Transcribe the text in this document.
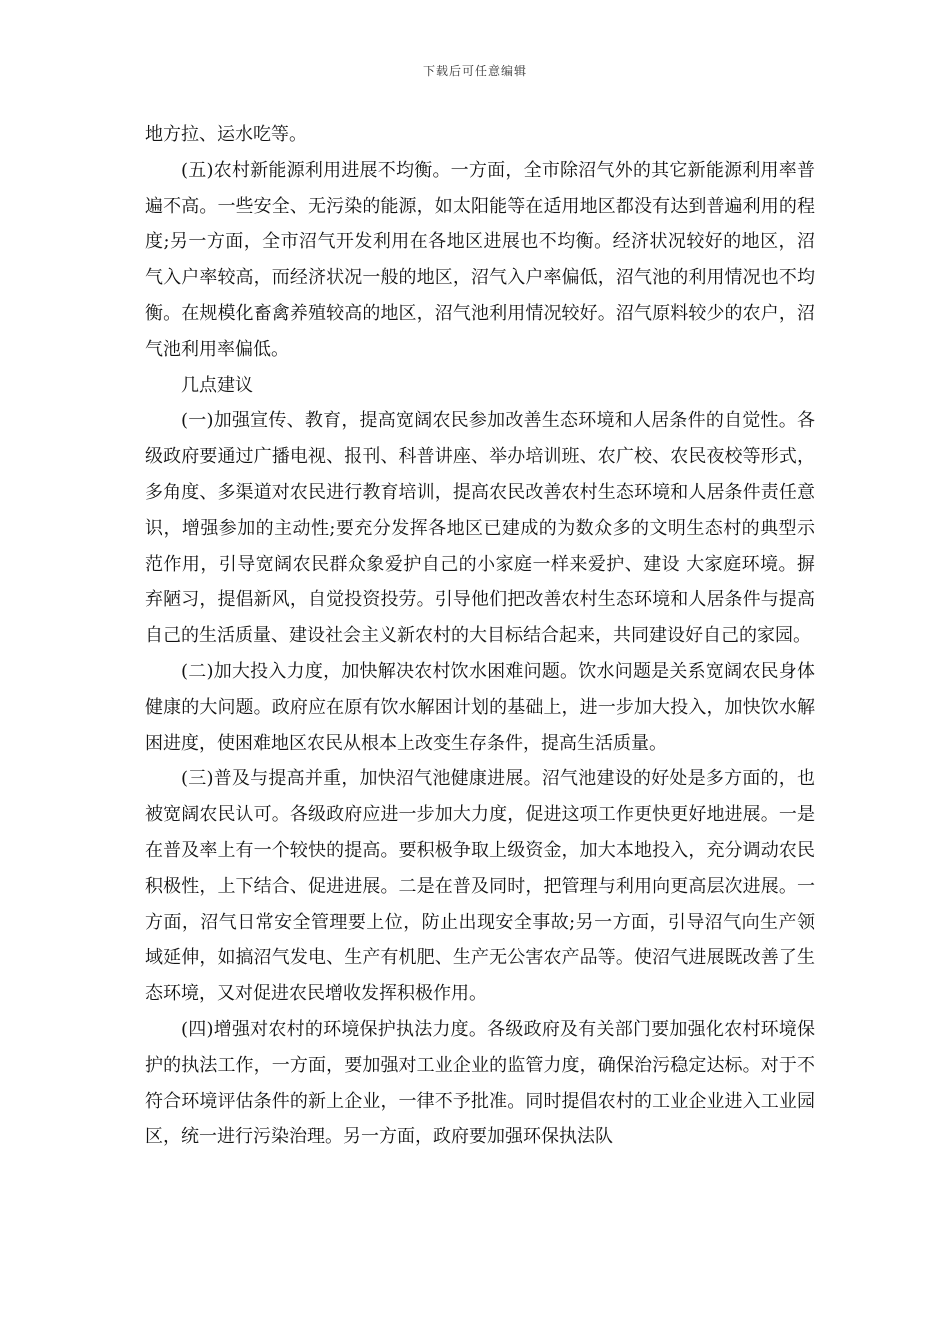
下载后可任意编辑

地方拉、运水吃等。

(五)农村新能源利用进展不均衡。一方面，全市除沼气外的其它新能源利用率普遍不高。一些安全、无污染的能源，如太阳能等在适用地区都没有达到普遍利用的程度;另一方面，全市沼气开发利用在各地区进展也不均衡。经济状况较好的地区，沼气入户率较高，而经济状况一般的地区，沼气入户率偏低，沼气池的利用情况也不均衡。在规模化畜禽养殖较高的地区，沼气池利用情况较好。沼气原料较少的农户，沼气池利用率偏低。

几点建议

(一)加强宣传、教育，提高宽阔农民参加改善生态环境和人居条件的自觉性。各级政府要通过广播电视、报刊、科普讲座、举办培训班、农广校、农民夜校等形式，多角度、多渠道对农民进行教育培训，提高农民改善农村生态环境和人居条件责任意识，增强参加的主动性;要充分发挥各地区已建成的为数众多的文明生态村的典型示范作用，引导宽阔农民群众象爱护自己的小家庭一样来爱护、建设 大家庭环境。摒弃陋习，提倡新风，自觉投资投劳。引导他们把改善农村生态环境和人居条件与提高自己的生活质量、建设社会主义新农村的大目标结合起来，共同建设好自己的家园。

(二)加大投入力度，加快解决农村饮水困难问题。饮水问题是关系宽阔农民身体健康的大问题。政府应在原有饮水解困计划的基础上，进一步加大投入，加快饮水解困进度，使困难地区农民从根本上改变生存条件，提高生活质量。

(三)普及与提高并重，加快沼气池健康进展。沼气池建设的好处是多方面的，也被宽阔农民认可。各级政府应进一步加大力度，促进这项工作更快更好地进展。一是在普及率上有一个较快的提高。要积极争取上级资金，加大本地投入，充分调动农民积极性，上下结合、促进进展。二是在普及同时，把管理与利用向更高层次进展。一方面，沼气日常安全管理要上位，防止出现安全事故;另一方面，引导沼气向生产领域延伸，如搞沼气发电、生产有机肥、生产无公害农产品等。使沼气进展既改善了生态环境，又对促进农民增收发挥积极作用。

(四)增强对农村的环境保护执法力度。各级政府及有关部门要加强化农村环境保护的执法工作，一方面，要加强对工业企业的监管力度，确保治污稳定达标。对于不符合环境评估条件的新上企业，一律不予批准。同时提倡农村的工业企业进入工业园区，统一进行污染治理。另一方面，政府要加强环保执法队
